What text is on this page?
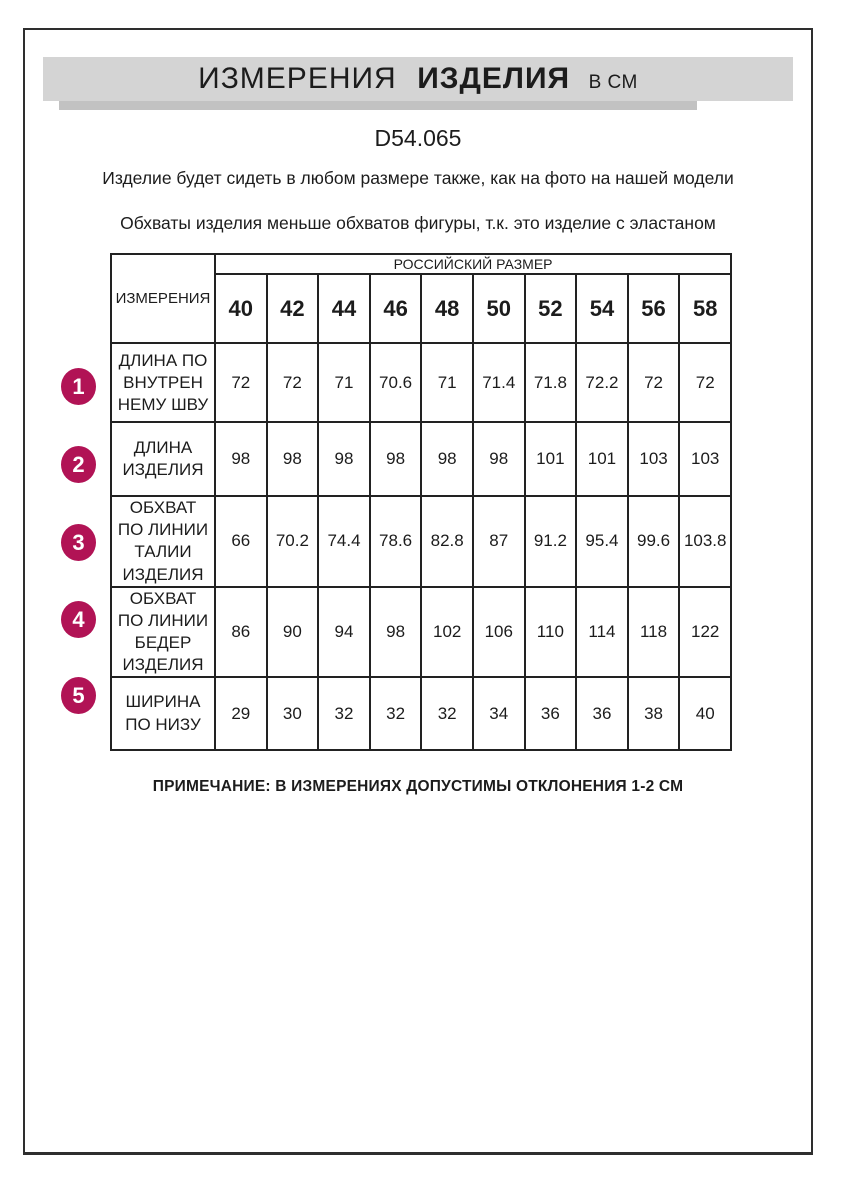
ИЗМЕРЕНИЯ ИЗДЕЛИЯ В СМ
D54.065

Изделие будет сидеть в любом размере также, как на фото на нашей модели

Обхваты изделия меньше обхватов фигуры, т.к. это изделие с эластаном

1
2
3
4
5
ИЗМЕРЕНИЯ	РОССИЙСКИЙ РАЗМЕР									
	40	42	44	46	48	50	52	54	56	58
ДЛИНА ПО ВНУТРЕННЕМУ ШВУ	72	72	71	70.6	71	71.4	71.8	72.2	72	72
ДЛИНА ИЗДЕЛИЯ	98	98	98	98	98	98	101	101	103	103
ОБХВАТ ПО ЛИНИИ ТАЛИИ ИЗДЕЛИЯ	66	70.2	74.4	78.6	82.8	87	91.2	95.4	99.6	103.8
ОБХВАТ ПО ЛИНИИ БЕДЕР ИЗДЕЛИЯ	86	90	94	98	102	106	110	114	118	122
ШИРИНА ПО НИЗУ	29	30	32	32	32	34	36	36	38	40

ПРИМЕЧАНИЕ: В ИЗМЕРЕНИЯХ ДОПУСТИМЫ ОТКЛОНЕНИЯ 1-2 СМ
